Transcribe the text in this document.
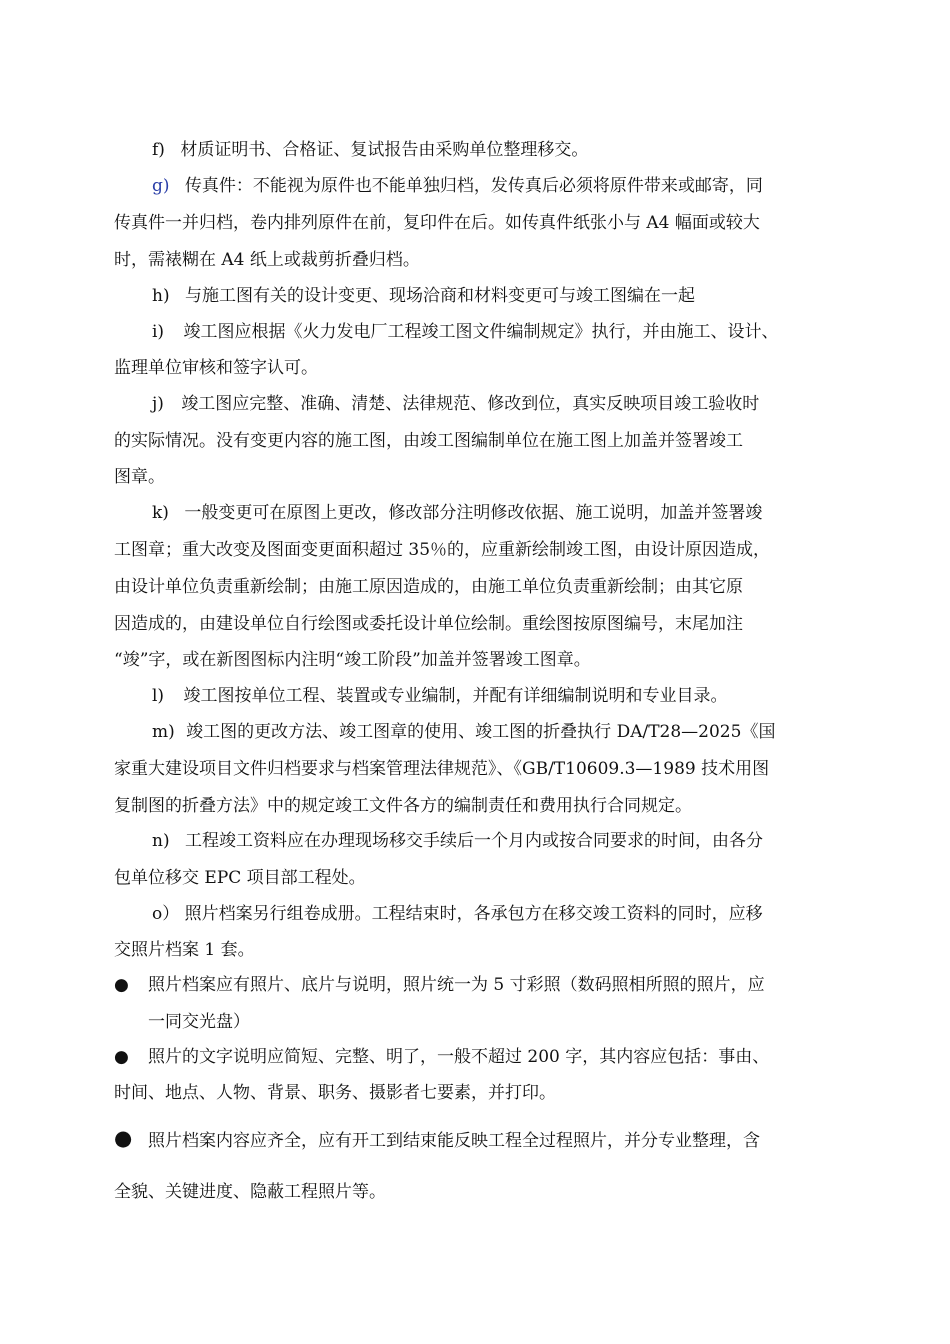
f) 材质证明书、合格证、复试报告由采购单位整理移交。
g) 传真件：不能视为原件也不能单独归档，发传真后必须将原件带来或邮寄，同
传真件一并归档，卷内排列原件在前，复印件在后。如传真件纸张小与 A4 幅面或较大
时，需裱糊在 A4 纸上或裁剪折叠归档。
h) 与施工图有关的设计变更、现场洽商和材料变更可与竣工图编在一起
i) 竣工图应根据《火力发电厂工程竣工图文件编制规定》执行，并由施工、设计、
监理单位审核和签字认可。
j) 竣工图应完整、准确、清楚、法律规范、修改到位，真实反映项目竣工验收时
的实际情况。没有变更内容的施工图，由竣工图编制单位在施工图上加盖并签署竣工
图章。
k) 一般变更可在原图上更改，修改部分注明修改依据、施工说明，加盖并签署竣
工图章；重大改变及图面变更面积超过 35％的，应重新绘制竣工图，由设计原因造成，
由设计单位负责重新绘制；由施工原因造成的，由施工单位负责重新绘制；由其它原
因造成的，由建设单位自行绘图或委托设计单位绘制。重绘图按原图编号，末尾加注
“竣”字，或在新图图标内注明“竣工阶段”加盖并签署竣工图章。
l) 竣工图按单位工程、装置或专业编制，并配有详细编制说明和专业目录。
m) 竣工图的更改方法、竣工图章的使用、竣工图的折叠执行 DA/T28—2025《国
家重大建设项目文件归档要求与档案管理法律规范》、《GB/T10609.3—1989 技术用图
复制图的折叠方法》中的规定竣工文件各方的编制责任和费用执行合同规定。
n) 工程竣工资料应在办理现场移交手续后一个月内或按合同要求的时间，由各分
包单位移交 EPC 项目部工程处。
o） 照片档案另行组卷成册。工程结束时，各承包方在移交竣工资料的同时，应移
交照片档案 1 套。
● 照片档案应有照片、底片与说明，照片统一为 5 寸彩照（数码照相所照的照片，应
一同交光盘）
● 照片的文字说明应简短、完整、明了，一般不超过 200 字，其内容应包括：事由、
时间、地点、人物、背景、职务、摄影者七要素，并打印。
● 照片档案内容应齐全，应有开工到结束能反映工程全过程照片，并分专业整理，含
全貌、关键进度、隐蔽工程照片等。
